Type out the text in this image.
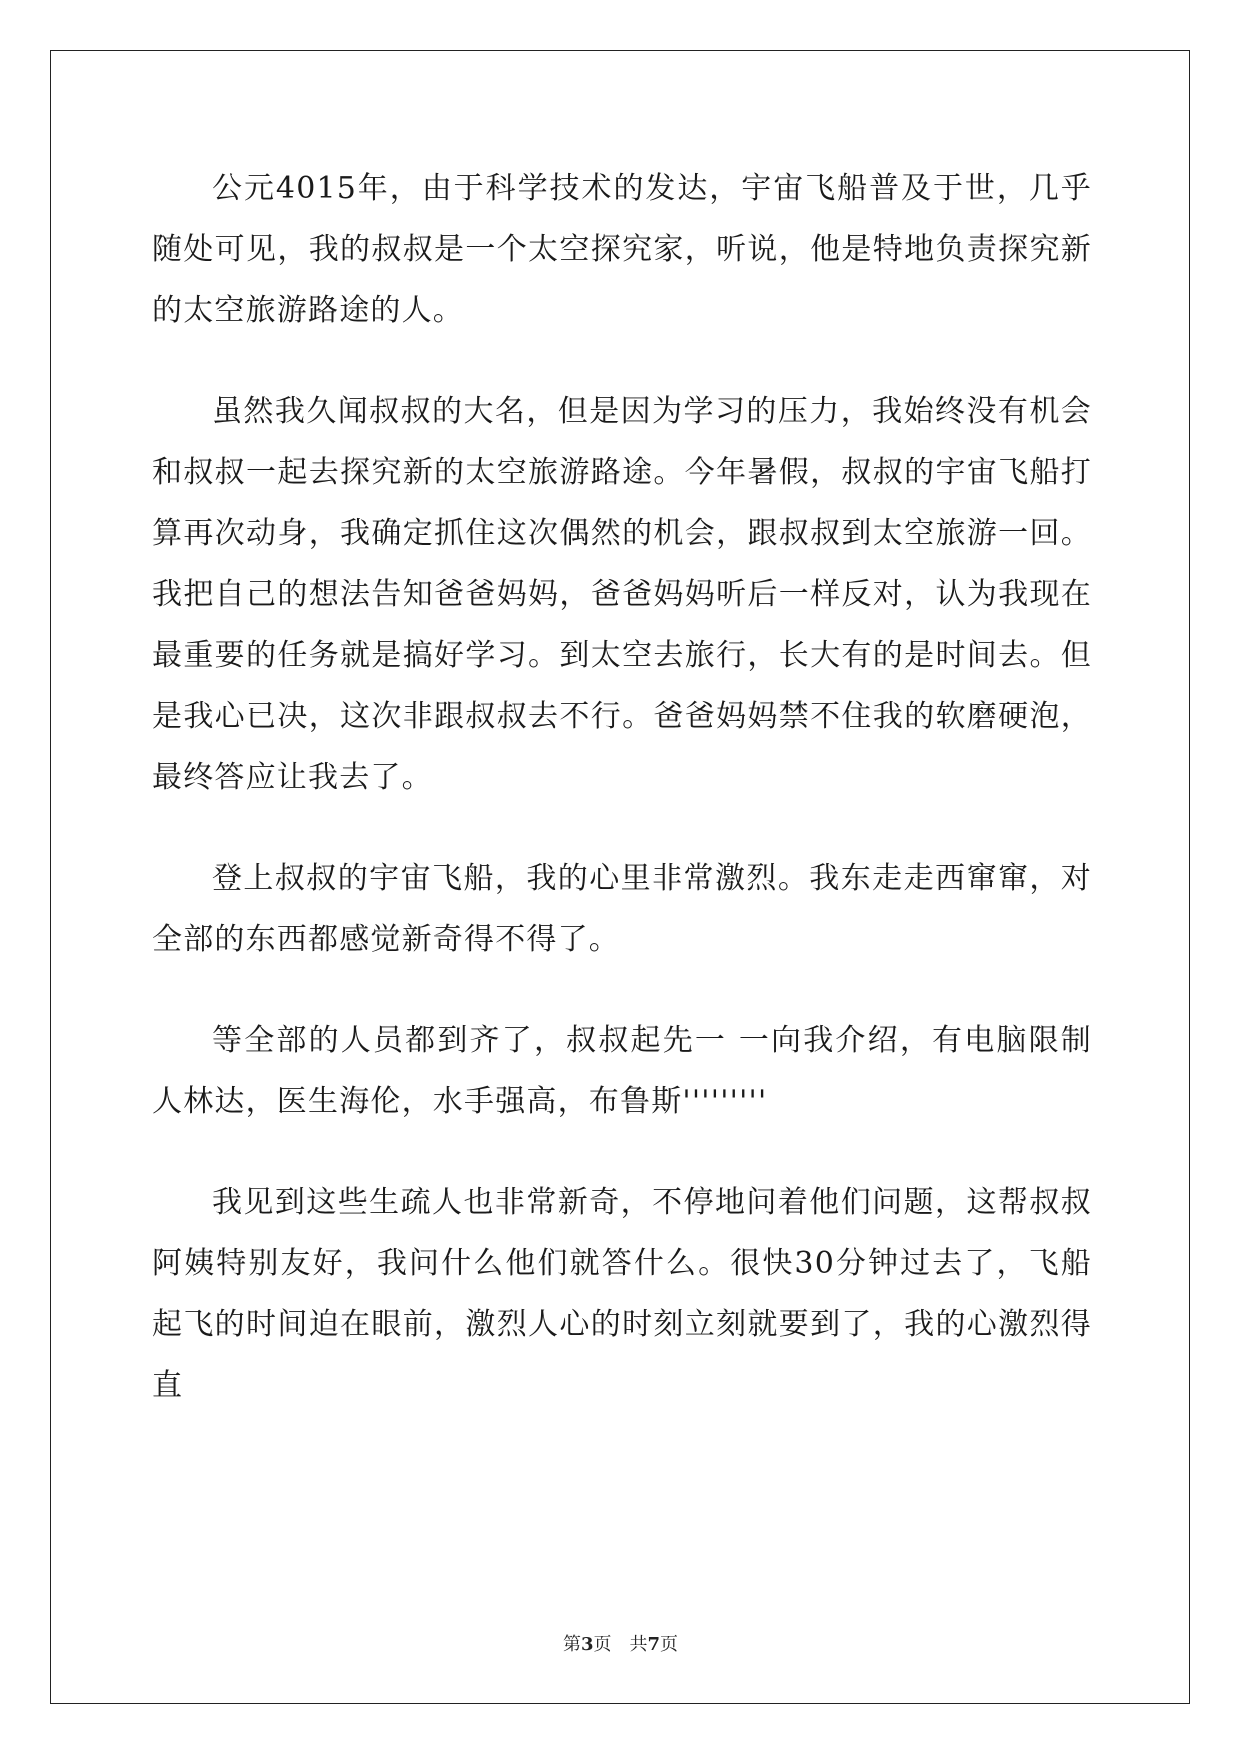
公元4015年，由于科学技术的发达，宇宙飞船普及于世，几乎随处可见，我的叔叔是一个太空探究家，听说，他是特地负责探究新的太空旅游路途的人。

虽然我久闻叔叔的大名，但是因为学习的压力，我始终没有机会和叔叔一起去探究新的太空旅游路途。今年暑假，叔叔的宇宙飞船打算再次动身，我确定抓住这次偶然的机会，跟叔叔到太空旅游一回。我把自己的想法告知爸爸妈妈，爸爸妈妈听后一样反对，认为我现在最重要的任务就是搞好学习。到太空去旅行，长大有的是时间去。但是我心已决，这次非跟叔叔去不行。爸爸妈妈禁不住我的软磨硬泡，最终答应让我去了。

登上叔叔的宇宙飞船，我的心里非常激烈。我东走走西窜窜，对全部的东西都感觉新奇得不得了。

等全部的人员都到齐了，叔叔起先一 一向我介绍，有电脑限制人林达，医生海伦，水手强高，布鲁斯'''''''''

我见到这些生疏人也非常新奇，不停地问着他们问题，这帮叔叔阿姨特别友好，我问什么他们就答什么。很快30分钟过去了，飞船起飞的时间迫在眼前，激烈人心的时刻立刻就要到了，我的心激烈得直

第3页 共7页
